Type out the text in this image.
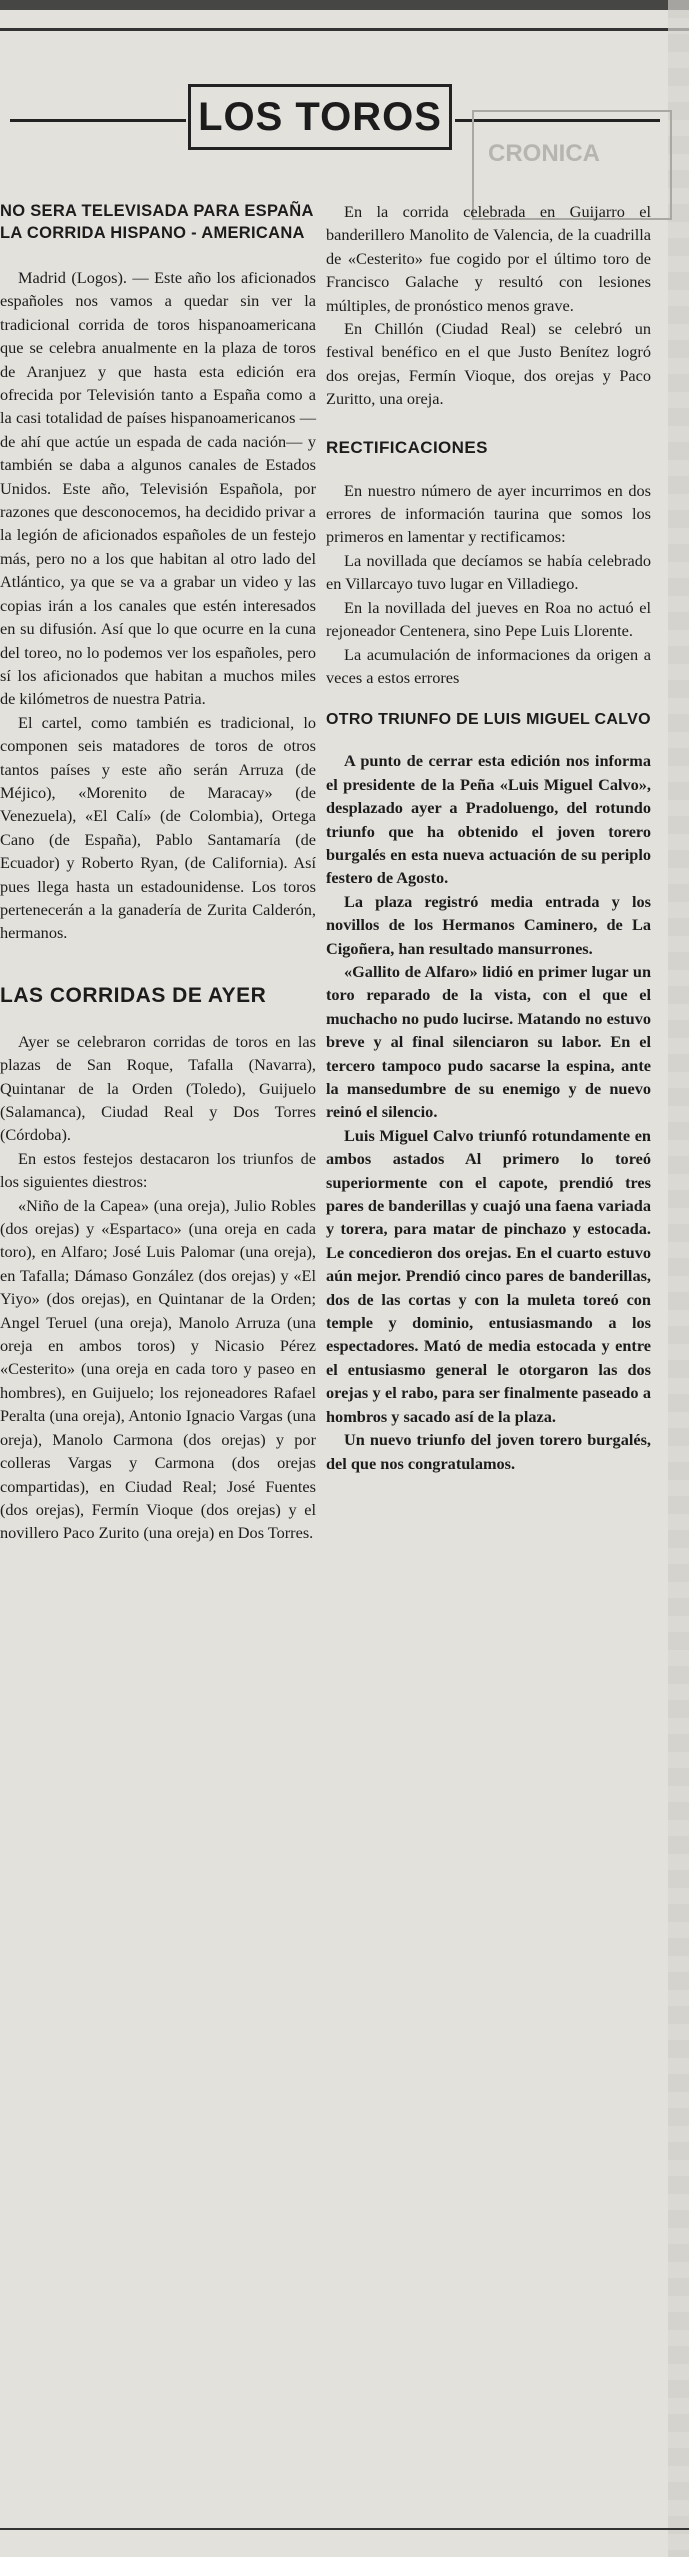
LOS TOROS
CRONICA
NO SERA TELEVISADA PARA ESPAÑA LA CORRIDA HISPANO - AMERICANA

Madrid (Logos). — Este año los aficionados españoles nos vamos a quedar sin ver la tradicional corrida de toros hispanoamericana que se celebra anualmente en la plaza de toros de Aranjuez y que hasta esta edición era ofrecida por Televisión tanto a España como a la casi totalidad de países hispanoamericanos —de ahí que actúe un espada de cada nación— y también se daba a algunos canales de Estados Unidos. Este año, Televisión Española, por razones que desconocemos, ha decidido privar a la legión de aficionados españoles de un festejo más, pero no a los que habitan al otro lado del Atlántico, ya que se va a grabar un video y las copias irán a los canales que estén interesados en su difusión. Así que lo que ocurre en la cuna del toreo, no lo podemos ver los españoles, pero sí los aficionados que habitan a muchos miles de kilómetros de nuestra Patria.

El cartel, como también es tradicional, lo componen seis matadores de toros de otros tantos países y este año serán Arruza (de Méjico), «Morenito de Maracay» (de Venezuela), «El Calí» (de Colombia), Ortega Cano (de España), Pablo Santamaría (de Ecuador) y Roberto Ryan, (de California). Así pues llega hasta un estadounidense. Los toros pertenecerán a la ganadería de Zurita Calderón, hermanos.

LAS CORRIDAS DE AYER

Ayer se celebraron corridas de toros en las plazas de San Roque, Tafalla (Navarra), Quintanar de la Orden (Toledo), Guijuelo (Salamanca), Ciudad Real y Dos Torres (Córdoba).

En estos festejos destacaron los triunfos de los siguientes diestros:

«Niño de la Capea» (una oreja), Julio Robles (dos orejas) y «Espartaco» (una oreja en cada toro), en Alfaro; José Luis Palomar (una oreja), en Tafalla; Dámaso González (dos orejas) y «El Yiyo» (dos orejas), en Quintanar de la Orden; Angel Teruel (una oreja), Manolo Arruza (una oreja en ambos toros) y Nicasio Pérez «Cesterito» (una oreja en cada toro y paseo en hombres), en Guijuelo; los rejoneadores Rafael Peralta (una oreja), Antonio Ignacio Vargas (una oreja), Manolo Carmona (dos orejas) y por colleras Vargas y Carmona (dos orejas compartidas), en Ciudad Real; José Fuentes (dos orejas), Fermín Vioque (dos orejas) y el novillero Paco Zurito (una oreja) en Dos Torres.

En la corrida celebrada en Guijarro el banderillero Manolito de Valencia, de la cuadrilla de «Cesterito» fue cogido por el último toro de Francisco Galache y resultó con lesiones múltiples, de pronóstico menos grave.

En Chillón (Ciudad Real) se celebró un festival benéfico en el que Justo Benítez logró dos orejas, Fermín Vioque, dos orejas y Paco Zuritto, una oreja.

RECTIFICACIONES

En nuestro número de ayer incurrimos en dos errores de información taurina que somos los primeros en lamentar y rectificamos:

La novillada que decíamos se había celebrado en Villarcayo tuvo lugar en Villadiego.

En la novillada del jueves en Roa no actuó el rejoneador Centenera, sino Pepe Luis Llorente.

La acumulación de informaciones da origen a veces a estos errores

OTRO TRIUNFO DE LUIS MIGUEL CALVO

A punto de cerrar esta edición nos informa el presidente de la Peña «Luis Miguel Calvo», desplazado ayer a Pradoluengo, del rotundo triunfo que ha obtenido el joven torero burgalés en esta nueva actuación de su periplo festero de Agosto.

La plaza registró media entrada y los novillos de los Hermanos Caminero, de La Cigoñera, han resultado mansurrones.

«Gallito de Alfaro» lidió en primer lugar un toro reparado de la vista, con el que el muchacho no pudo lucirse. Matando no estuvo breve y al final silenciaron su labor. En el tercero tampoco pudo sacarse la espina, ante la mansedumbre de su enemigo y de nuevo reinó el silencio.

Luis Miguel Calvo triunfó rotundamente en ambos astados Al primero lo toreó superiormente con el capote, prendió tres pares de banderillas y cuajó una faena variada y torera, para matar de pinchazo y estocada. Le concedieron dos orejas. En el cuarto estuvo aún mejor. Prendió cinco pares de banderillas, dos de las cortas y con la muleta toreó con temple y dominio, entusiasmando a los espectadores. Mató de media estocada y entre el entusiasmo general le otorgaron las dos orejas y el rabo, para ser finalmente paseado a hombros y sacado así de la plaza.

Un nuevo triunfo del joven torero burgalés, del que nos congratulamos.
